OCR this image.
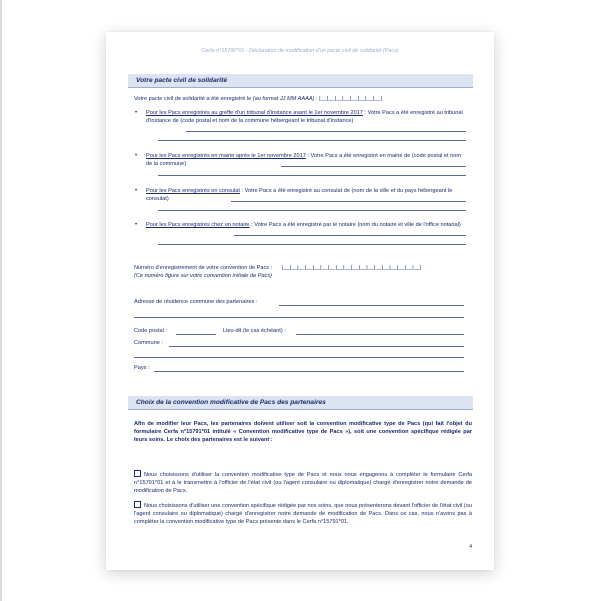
Cerfa n°15790*01 - Déclaration de modification d'un pacte civil de solidarité (Pacs)
Votre pacte civil de solidarité
Votre pacte civil de solidarité a été enregistré le (au format JJ MM AAAA) : |__|__|__|__|__|__|__|__|
• Pour les Pacs enregistrés au greffe d'un tribunal d'instance avant le 1er novembre 2017 : Votre Pacs a été enregistré au tribunal d'instance de (code postal et nom de la commune hébergeant le tribunal d'instance)
• Pour les Pacs enregistrés en mairie après le 1er novembre 2017 : Votre Pacs a été enregistré en mairie de (code postal et nom de la commune)
• Pour les Pacs enregistrés en consulat : Votre Pacs a été enregistré au consulat de (nom de la ville et du pays hébergeant le consulat)
• Pour les Pacs enregistrés chez un notaire : Votre Pacs a été enregistré par le notaire (nom du notaire et ville de l'office notarial)
Numéro d'enregistrement de votre convention de Pacs : |__|__|__|__|__|__|__|__|__|__|__|__|__|__|__|__|__|__|
(Ce numéro figure sur votre convention initiale de Pacs)
Adresse de résidence commune des partenaires :
Code postal :	Lieu-dit (le cas échéant) :
Commune :
Pays :
Choix de la convention modificative de Pacs des partenaires
Afin de modifier leur Pacs, les partenaires doivent utiliser soit la convention modificative type de Pacs (qui fait l'objet du formulaire Cerfa n°15791*01 intitulé « Convention modificative type de Pacs »), soit une convention spécifique rédigée par leurs soins. Le choix des partenaires est le suivant :
Nous choisissons d'utiliser la convention modificative type de Pacs et nous nous engageons à compléter le formulaire Cerfa n°15791*01 et à le transmettre à l'officier de l'état civil (ou l'agent consulaire ou diplomatique) chargé d'enregistrer notre demande de modification de Pacs.
Nous choisissons d'utiliser une convention spécifique rédigée par nos soins, que nous présenterons devant l'officier de l'état civil (ou l'agent consulaire ou diplomatique) chargé d'enregistrer notre demande de modification de Pacs. Dans ce cas, nous n'avons pas à compléter la convention modificative type de Pacs présente dans le Cerfa n°15791*01.
4
